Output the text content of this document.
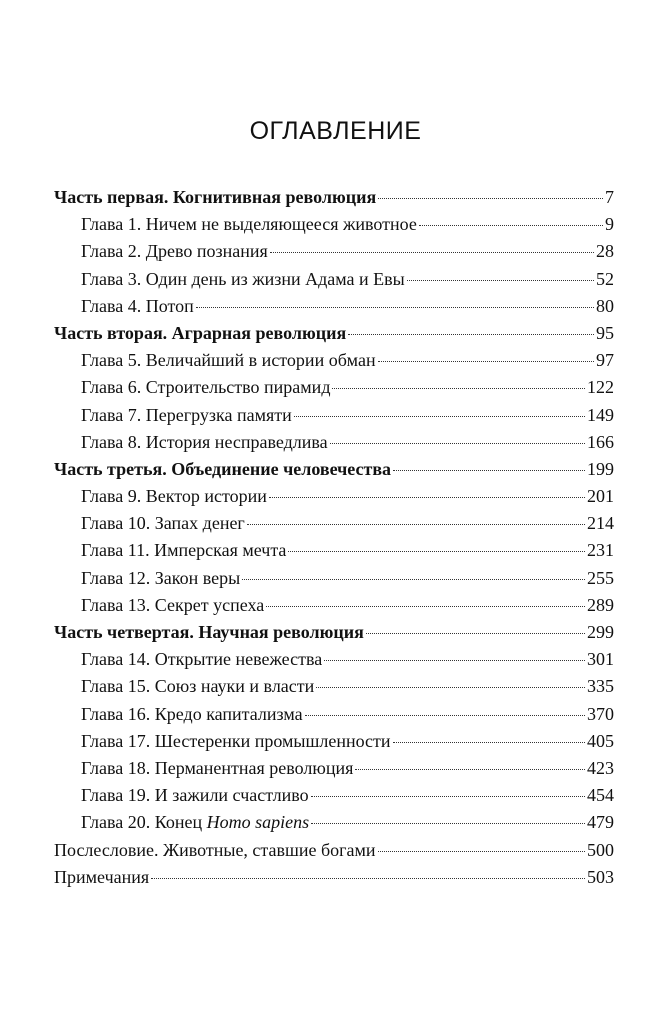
ОГЛАВЛЕНИЕ
Часть первая. Когнитивная революция	7
Глава 1. Ничем не выделяющееся животное	9
Глава 2. Древо познания	28
Глава 3. Один день из жизни Адама и Евы	52
Глава 4. Потоп	80
Часть вторая. Аграрная революция	95
Глава 5. Величайший в истории обман	97
Глава 6. Строительство пирамид	122
Глава 7. Перегрузка памяти	149
Глава 8. История несправедлива	166
Часть третья. Объединение человечества	199
Глава 9. Вектор истории	201
Глава 10. Запах денег	214
Глава 11. Имперская мечта	231
Глава 12. Закон веры	255
Глава 13. Секрет успеха	289
Часть четвертая. Научная революция	299
Глава 14. Открытие невежества	301
Глава 15. Союз науки и власти	335
Глава 16. Кредо капитализма	370
Глава 17. Шестеренки промышленности	405
Глава 18. Перманентная революция	423
Глава 19. И зажили счастливо	454
Глава 20. Конец Homo sapiens	479
Послесловие. Животные, ставшие богами	500
Примечания	503
